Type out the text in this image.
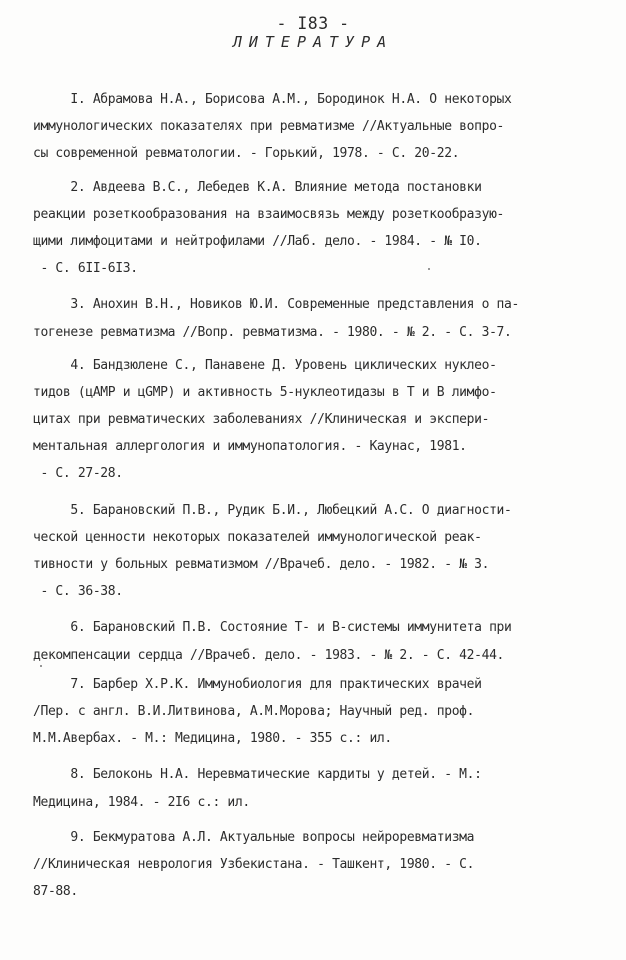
- I83 -
ЛИТЕРАТУРА
I. Абрамова Н.А., Борисова А.М., Бородинок Н.А. О некоторых
иммунологических показателях при ревматизме //Актуальные вопро-
сы современной ревматологии. - Горький, 1978. - С. 20-22.
2. Авдеева В.С., Лебедев К.А. Влияние метода постановки
реакции розеткообразования на взаимосвязь между розеткообразую-
щими лимфоцитами и нейтрофилами //Лаб. дело. - 1984. - № I0.
- С. 6II-6I3.
3. Анохин В.Н., Новиков Ю.И. Современные представления о па-
тогенезе ревматизма //Вопр. ревматизма. - 1980. - № 2. - С. 3-7.
4. Бандзюлене С., Панавене Д. Уровень циклических нуклео-
тидов (цАМР и цGMP) и активность 5-нуклеотидазы в Т и В лимфо-
цитах при ревматических заболеваниях //Клиническая и экспери-
ментальная аллергология и иммунопатология. - Каунас, 1981.
- С. 27-28.
5. Барановский П.В., Рудик Б.И., Любецкий А.С. О диагности-
ческой ценности некоторых показателей иммунологической реак-
тивности у больных ревматизмом //Врачеб. дело. - 1982. - № 3.
- С. 36-38.
6. Барановский П.В. Состояние Т- и В-системы иммунитета при
декомпенсации сердца //Врачеб. дело. - 1983. - № 2. - С. 42-44.
7. Барбер Х.Р.К. Иммунобиология для практических врачей
/Пер. с англ. В.И.Литвинова, А.М.Морова; Научный ред. проф.
М.М.Авербах. - М.: Медицина, 1980. - 355 с.: ил.
8. Белоконь Н.А. Неревматические кардиты у детей. - М.:
Медицина, 1984. - 2I6 с.: ил.
9. Бекмуратова А.Л. Актуальные вопросы нейроревматизма
//Клиническая неврология Узбекистана. - Ташкент, 1980. - С.
87-88.
